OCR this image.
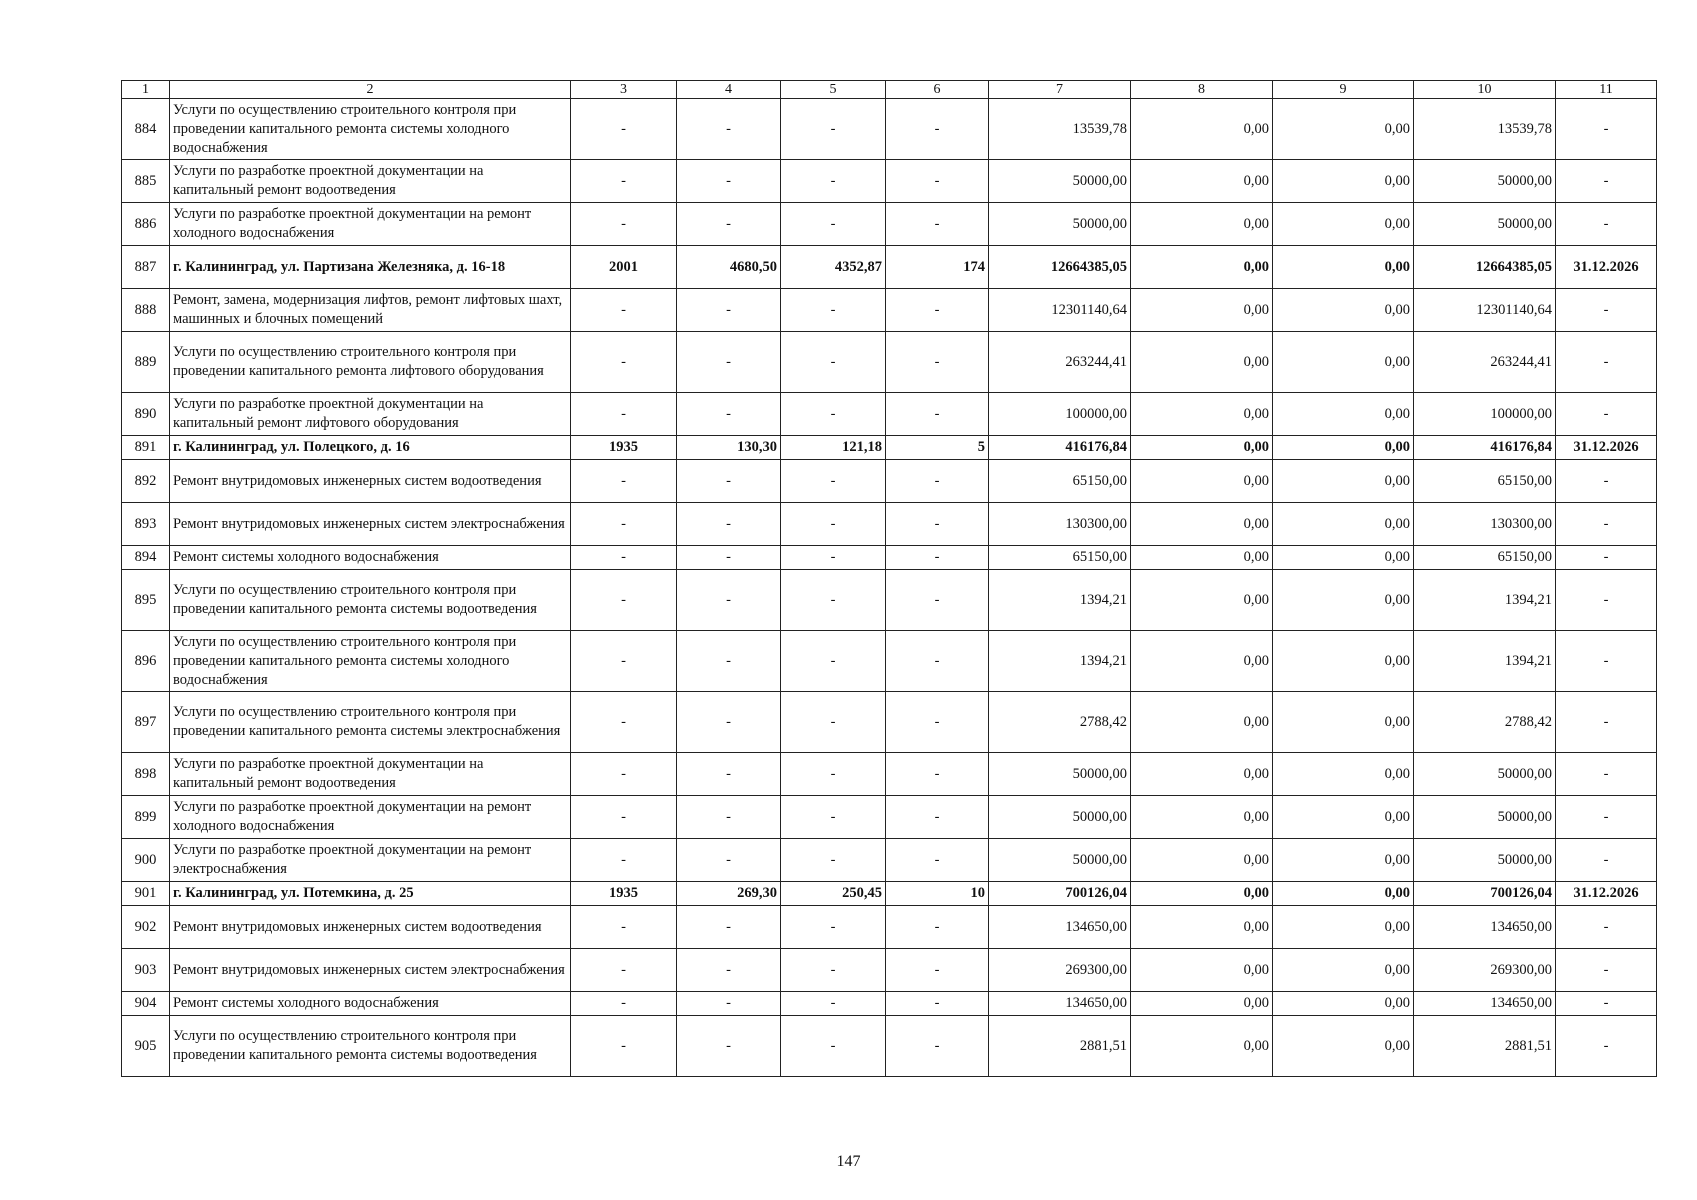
1	2	3	4	5	6	7	8	9	10	11
884	Услуги по осуществлению строительного контроля при проведении капитального ремонта системы холодного водоснабжения	-	-	-	-	13539,78	0,00	0,00	13539,78	-
885	Услуги по разработке проектной документации на капитальный ремонт водоотведения	-	-	-	-	50000,00	0,00	0,00	50000,00	-
886	Услуги по разработке проектной документации на ремонт холодного водоснабжения	-	-	-	-	50000,00	0,00	0,00	50000,00	-
887	г. Калининград, ул. Партизана Железняка, д. 16-18	2001	4680,50	4352,87	174	12664385,05	0,00	0,00	12664385,05	31.12.2026
888	Ремонт, замена, модернизация лифтов, ремонт лифтовых шахт, машинных и блочных помещений	-	-	-	-	12301140,64	0,00	0,00	12301140,64	-
889	Услуги по осуществлению строительного контроля при проведении капитального ремонта лифтового оборудования	-	-	-	-	263244,41	0,00	0,00	263244,41	-
890	Услуги по разработке проектной документации на капитальный ремонт лифтового оборудования	-	-	-	-	100000,00	0,00	0,00	100000,00	-
891	г. Калининград, ул. Полецкого, д. 16	1935	130,30	121,18	5	416176,84	0,00	0,00	416176,84	31.12.2026
892	Ремонт внутридомовых инженерных систем водоотведения	-	-	-	-	65150,00	0,00	0,00	65150,00	-
893	Ремонт внутридомовых инженерных систем электроснабжения	-	-	-	-	130300,00	0,00	0,00	130300,00	-
894	Ремонт системы холодного водоснабжения	-	-	-	-	65150,00	0,00	0,00	65150,00	-
895	Услуги по осуществлению строительного контроля при проведении капитального ремонта системы водоотведения	-	-	-	-	1394,21	0,00	0,00	1394,21	-
896	Услуги по осуществлению строительного контроля при проведении капитального ремонта системы холодного водоснабжения	-	-	-	-	1394,21	0,00	0,00	1394,21	-
897	Услуги по осуществлению строительного контроля при проведении капитального ремонта системы электроснабжения	-	-	-	-	2788,42	0,00	0,00	2788,42	-
898	Услуги по разработке проектной документации на капитальный ремонт водоотведения	-	-	-	-	50000,00	0,00	0,00	50000,00	-
899	Услуги по разработке проектной документации на ремонт холодного водоснабжения	-	-	-	-	50000,00	0,00	0,00	50000,00	-
900	Услуги по разработке проектной документации на ремонт электроснабжения	-	-	-	-	50000,00	0,00	0,00	50000,00	-
901	г. Калининград, ул. Потемкина, д. 25	1935	269,30	250,45	10	700126,04	0,00	0,00	700126,04	31.12.2026
902	Ремонт внутридомовых инженерных систем водоотведения	-	-	-	-	134650,00	0,00	0,00	134650,00	-
903	Ремонт внутридомовых инженерных систем электроснабжения	-	-	-	-	269300,00	0,00	0,00	269300,00	-
904	Ремонт системы холодного водоснабжения	-	-	-	-	134650,00	0,00	0,00	134650,00	-
905	Услуги по осуществлению строительного контроля при проведении капитального ремонта системы водоотведения	-	-	-	-	2881,51	0,00	0,00	2881,51	-
147
